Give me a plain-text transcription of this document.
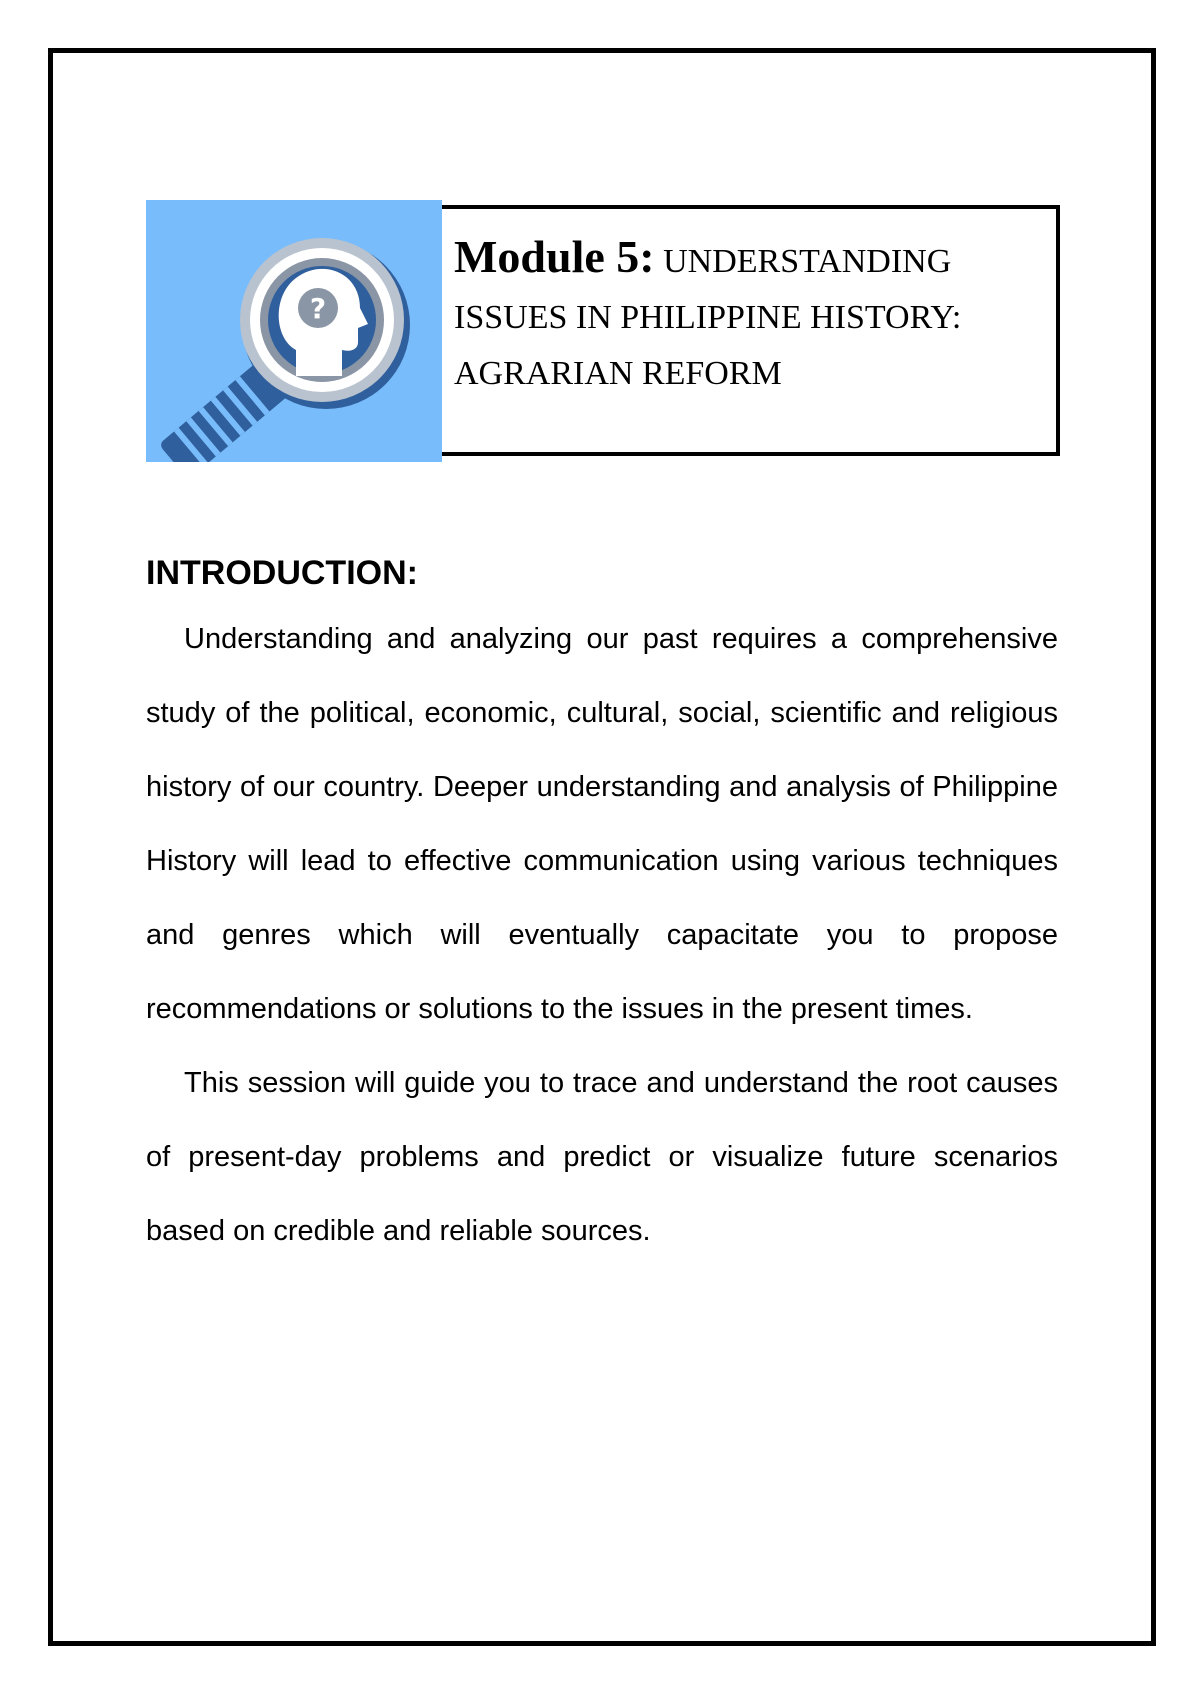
?
Module 5: UNDERSTANDING
ISSUES IN PHILIPPINE HISTORY:
AGRARIAN REFORM
INTRODUCTION:

Understanding and analyzing our past requires a comprehensive study of the political, economic, cultural, social, scientific and religious history of our country. Deeper understanding and analysis of Philippine History will lead to effective communication using various techniques and genres which will eventually capacitate you to propose recommendations or solutions to the issues in the present times.

This session will guide you to trace and understand the root causes of present-day problems and predict or visualize future scenarios based on credible and reliable sources.
